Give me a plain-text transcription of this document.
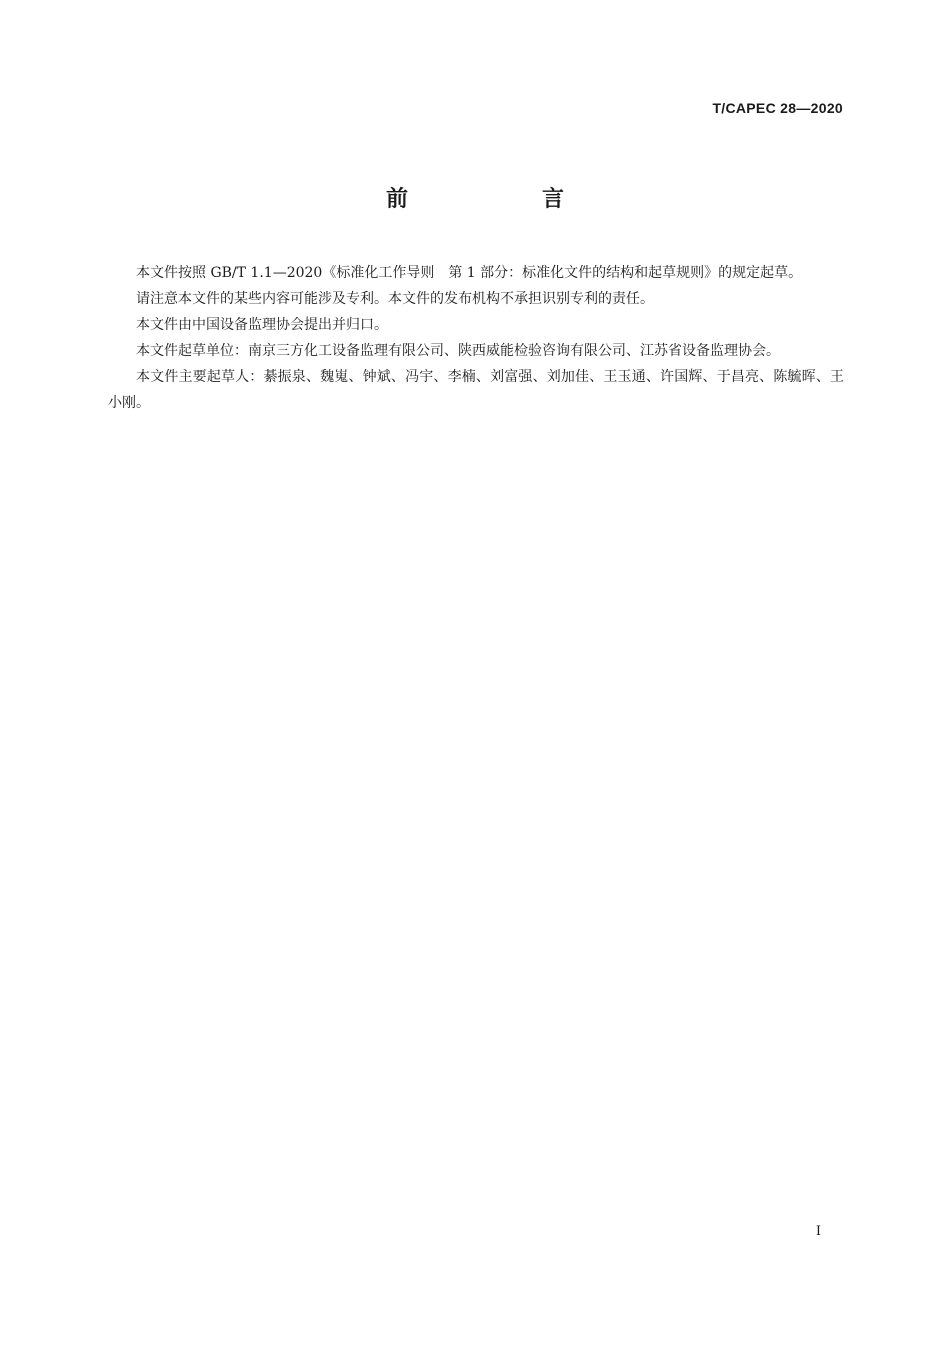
T/CAPEC 28—2020
前　言

本文件按照 GB/T 1.1—2020《标准化工作导则　第 1 部分：标准化文件的结构和起草规则》的规定起草。

请注意本文件的某些内容可能涉及专利。本文件的发布机构不承担识别专利的责任。

本文件由中国设备监理协会提出并归口。

本文件起草单位：南京三方化工设备监理有限公司、陕西威能检验咨询有限公司、江苏省设备监理协会。

本文件主要起草人：綦振泉、魏嵬、钟斌、冯宇、李楠、刘富强、刘加佳、王玉通、许国辉、于昌亮、陈毓晖、王小刚。

I
